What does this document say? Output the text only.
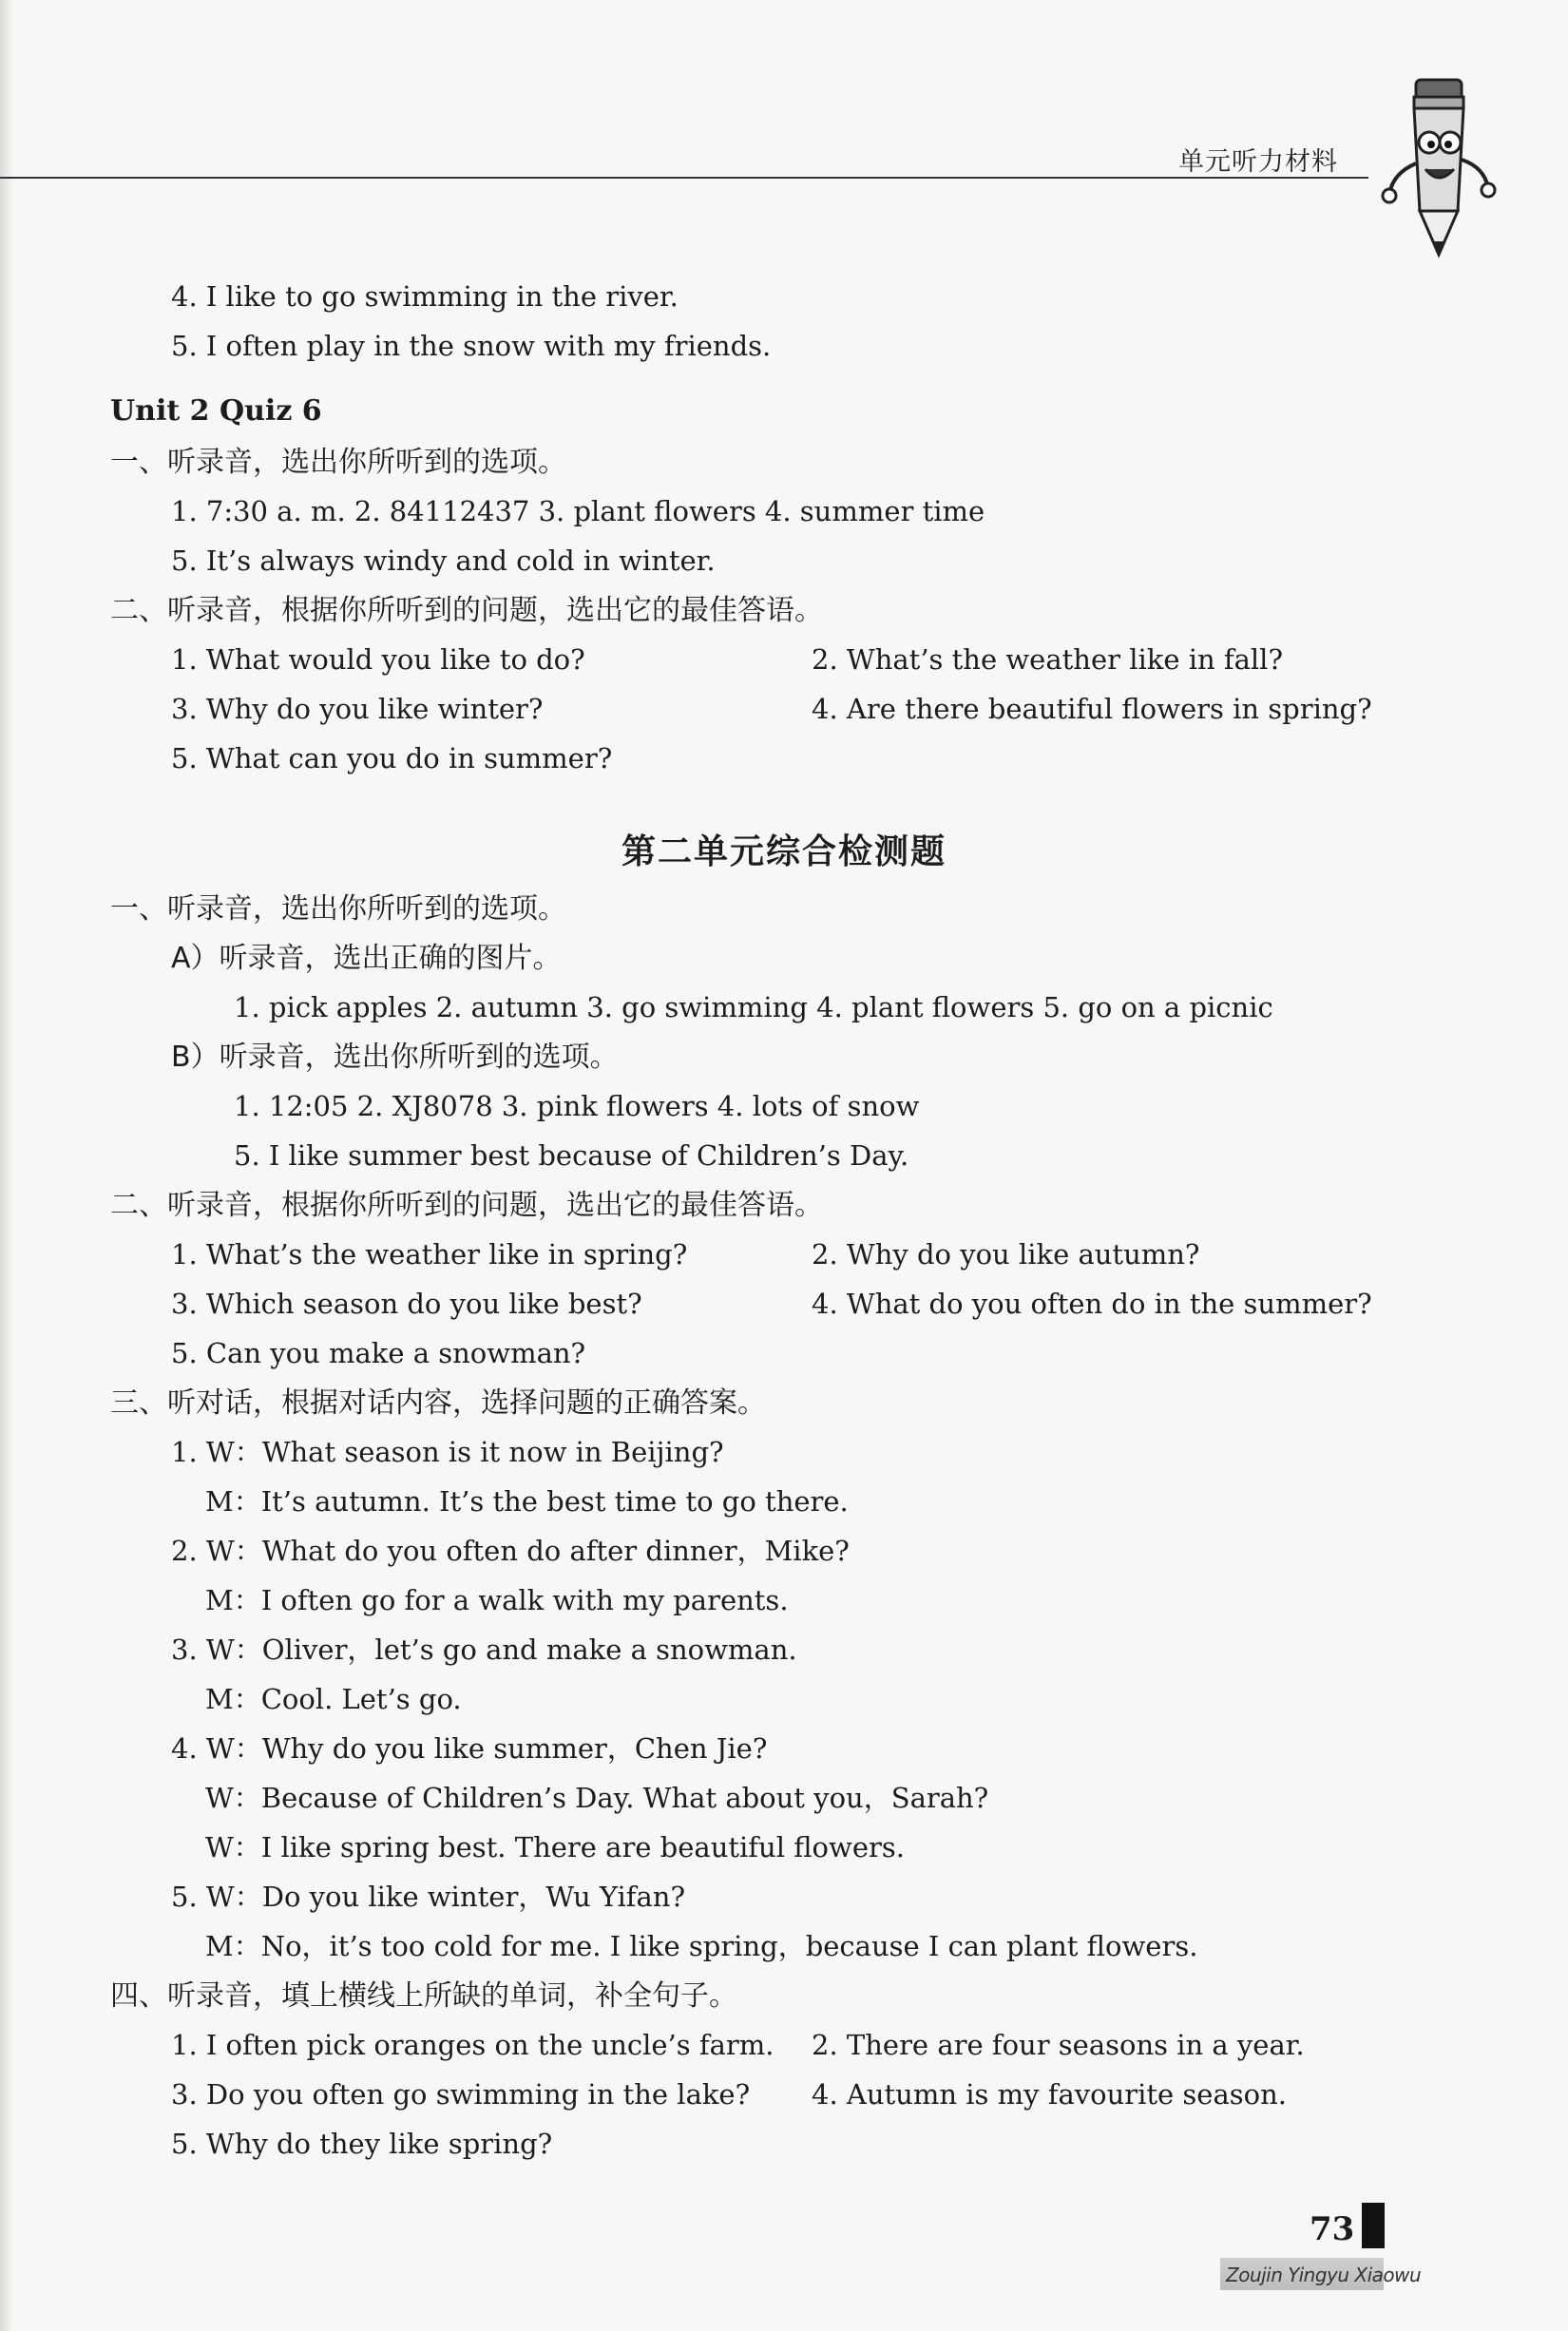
单元听力材料
4. I like to go swimming in the river.
5. I often play in the snow with my friends.
Unit 2 Quiz 6
一、听录音，选出你所听到的选项。
1. 7:30 a. m. 2. 84112437 3. plant flowers 4. summer time
5. It’s always windy and cold in winter.
二、听录音，根据你所听到的问题，选出它的最佳答语。
1. What would you like to do?	2. What’s the weather like in fall?
3. Why do you like winter?	4. Are there beautiful flowers in spring?
5. What can you do in summer?
第二单元综合检测题
一、听录音，选出你所听到的选项。
A）听录音，选出正确的图片。
1. pick apples 2. autumn 3. go swimming 4. plant flowers 5. go on a picnic
B）听录音，选出你所听到的选项。
1. 12:05 2. XJ8078 3. pink flowers 4. lots of snow
5. I like summer best because of Children’s Day.
二、听录音，根据你所听到的问题，选出它的最佳答语。
1. What’s the weather like in spring?	2. Why do you like autumn?
3. Which season do you like best?	4. What do you often do in the summer?
5. Can you make a snowman?
三、听对话，根据对话内容，选择问题的正确答案。
1. W：What season is it now in Beijing?
M：It’s autumn. It’s the best time to go there.
2. W：What do you often do after dinner，Mike?
M：I often go for a walk with my parents.
3. W：Oliver，let’s go and make a snowman.
M：Cool. Let’s go.
4. W：Why do you like summer，Chen Jie?
W：Because of Children’s Day. What about you，Sarah?
W：I like spring best. There are beautiful flowers.
5. W：Do you like winter，Wu Yifan?
M：No，it’s too cold for me. I like spring，because I can plant flowers.
四、听录音，填上横线上所缺的单词，补全句子。
1. I often pick oranges on the uncle’s farm. 2. There are four seasons in a year.
3. Do you often go swimming in the lake? 4. Autumn is my favourite season.
5. Why do they like spring?
73
Zoujin Yingyu Xiaowu
